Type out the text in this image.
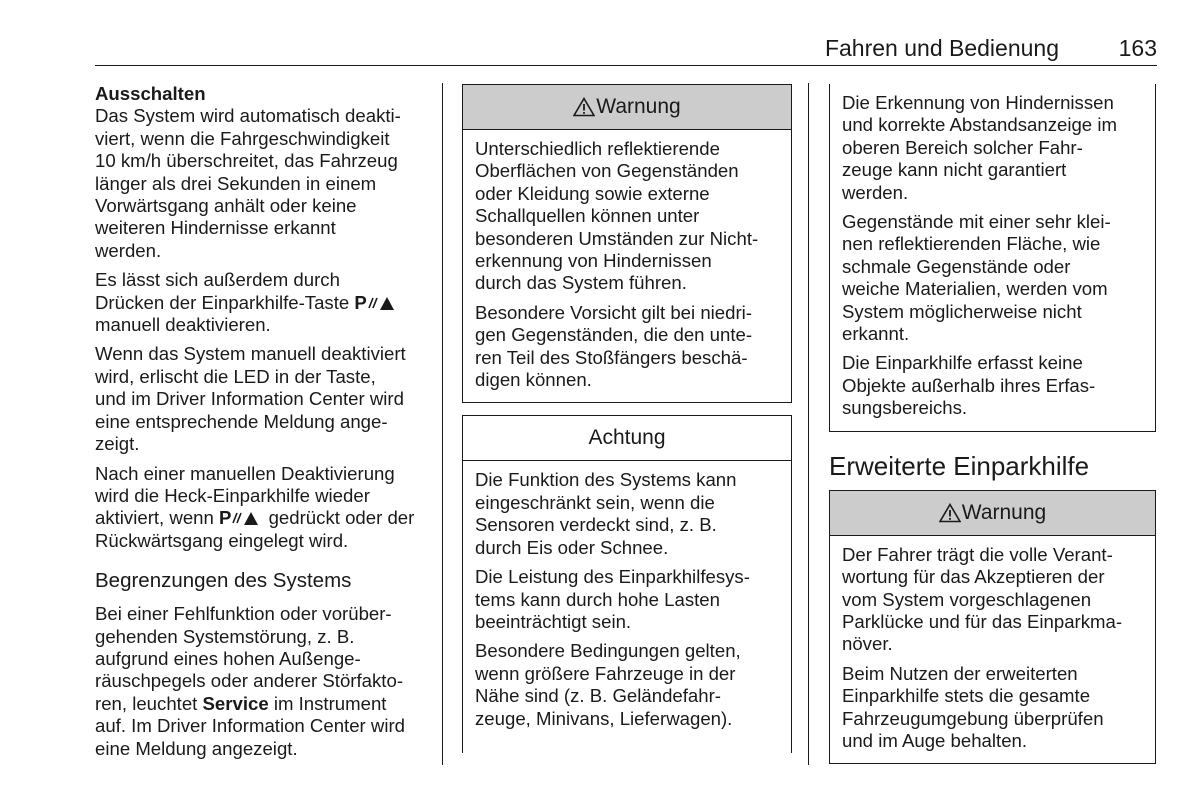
Fahren und Bedienung	163
Ausschalten
Das System wird automatisch deakti-
viert, wenn die Fahrgeschwindigkeit
10 km/h überschreitet, das Fahrzeug
länger als drei Sekunden in einem
Vorwärtsgang anhält oder keine
weiteren Hindernisse erkannt
werden.
Es lässt sich außerdem durch
Drücken der Einparkhilfe-Taste P
manuell deaktivieren.
Wenn das System manuell deaktiviert
wird, erlischt die LED in der Taste,
und im Driver Information Center wird
eine entsprechende Meldung ange-
zeigt.
Nach einer manuellen Deaktivierung
wird die Heck-Einparkhilfe wieder
aktiviert, wenn P gedrückt oder der
Rückwärtsgang eingelegt wird.
Begrenzungen des Systems
Bei einer Fehlfunktion oder vorüber-
gehenden Systemstörung, z. B.
aufgrund eines hohen Außenge-
räuschpegels oder anderer Störfakto-
ren, leuchtet Service im Instrument
auf. Im Driver Information Center wird
eine Meldung angezeigt.
Warnung
Unterschiedlich reflektierende
Oberflächen von Gegenständen
oder Kleidung sowie externe
Schallquellen können unter
besonderen Umständen zur Nicht-
erkennung von Hindernissen
durch das System führen.
Besondere Vorsicht gilt bei niedri-
gen Gegenständen, die den unte-
ren Teil des Stoßfängers beschä-
digen können.
Achtung
Die Funktion des Systems kann
eingeschränkt sein, wenn die
Sensoren verdeckt sind, z. B.
durch Eis oder Schnee.
Die Leistung des Einparkhilfesys-
tems kann durch hohe Lasten
beeinträchtigt sein.
Besondere Bedingungen gelten,
wenn größere Fahrzeuge in der
Nähe sind (z. B. Geländefahr-
zeuge, Minivans, Lieferwagen).
Die Erkennung von Hindernissen
und korrekte Abstandsanzeige im
oberen Bereich solcher Fahr-
zeuge kann nicht garantiert
werden.
Gegenstände mit einer sehr klei-
nen reflektierenden Fläche, wie
schmale Gegenstände oder
weiche Materialien, werden vom
System möglicherweise nicht
erkannt.
Die Einparkhilfe erfasst keine
Objekte außerhalb ihres Erfas-
sungsbereichs.
Erweiterte Einparkhilfe
Warnung
Der Fahrer trägt die volle Verant-
wortung für das Akzeptieren der
vom System vorgeschlagenen
Parklücke und für das Einparkma-
növer.
Beim Nutzen der erweiterten
Einparkhilfe stets die gesamte
Fahrzeugumgebung überprüfen
und im Auge behalten.
